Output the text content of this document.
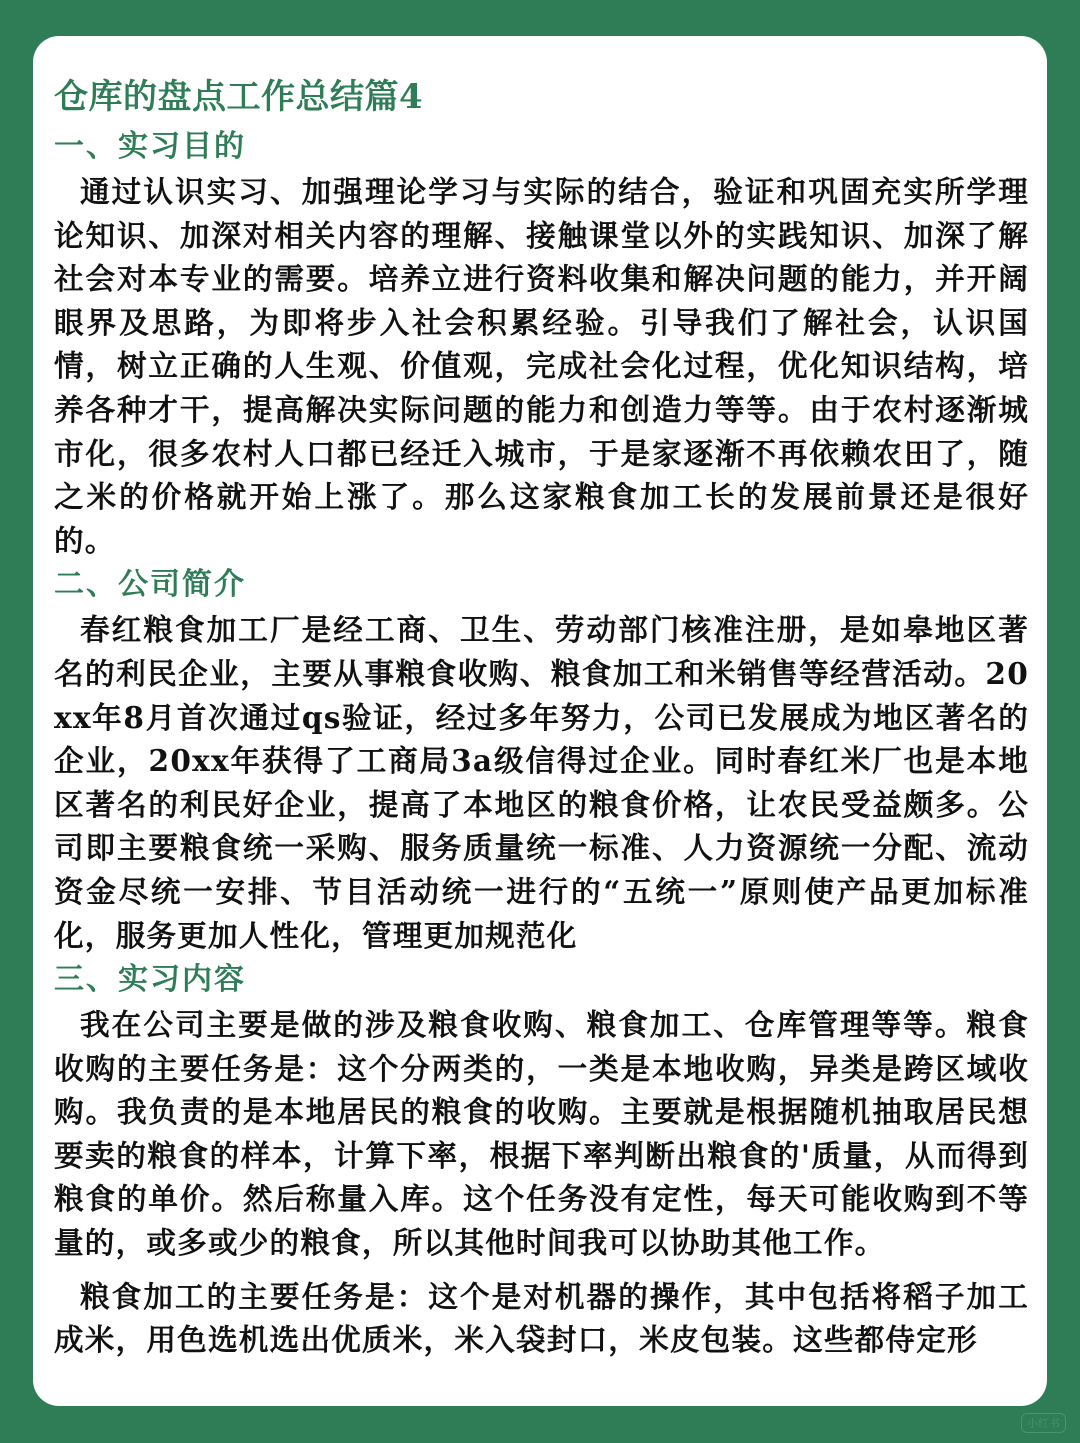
仓库的盘点工作总结篇4
一、实习目的

通过认识实习、加强理论学习与实际的结合，验证和巩固充实所学理论知识、加深对相关内容的理解、接触课堂以外的实践知识、加深了解社会对本专业的需要。培养立进行资料收集和解决问题的能力，并开阔眼界及思路，为即将步入社会积累经验。引导我们了解社会，认识国情，树立正确的人生观、价值观，完成社会化过程，优化知识结构，培养各种才干，提高解决实际问题的能力和创造力等等。由于农村逐渐城市化，很多农村人口都已经迁入城市，于是家逐渐不再依赖农田了，随之米的价格就开始上涨了。那么这家粮食加工长的发展前景还是很好的。

二、公司简介

春红粮食加工厂是经工商、卫生、劳动部门核准注册，是如皋地区著名的利民企业，主要从事粮食收购、粮食加工和米销售等经营活动。20xx年8月首次通过qs验证，经过多年努力，公司已发展成为地区著名的企业，20xx年获得了工商局3a级信得过企业。同时春红米厂也是本地区著名的利民好企业，提高了本地区的粮食价格，让农民受益颇多。公司即主要粮食统一采购、服务质量统一标准、人力资源统一分配、流动资金尽统一安排、节目活动统一进行的“五统一”原则使产品更加标准化，服务更加人性化，管理更加规范化

三、实习内容

我在公司主要是做的涉及粮食收购、粮食加工、仓库管理等等。粮食收购的主要任务是：这个分两类的，一类是本地收购，异类是跨区域收购。我负责的是本地居民的粮食的收购。主要就是根据随机抽取居民想要卖的粮食的样本，计算下率，根据下率判断出粮食的'质量，从而得到粮食的单价。然后称量入库。这个任务没有定性，每天可能收购到不等量的，或多或少的粮食，所以其他时间我可以协助其他工作。

粮食加工的主要任务是：这个是对机器的操作，其中包括将稻子加工成米，用色选机选出优质米，米入袋封口，米皮包装。这些都侍定形

小红书
